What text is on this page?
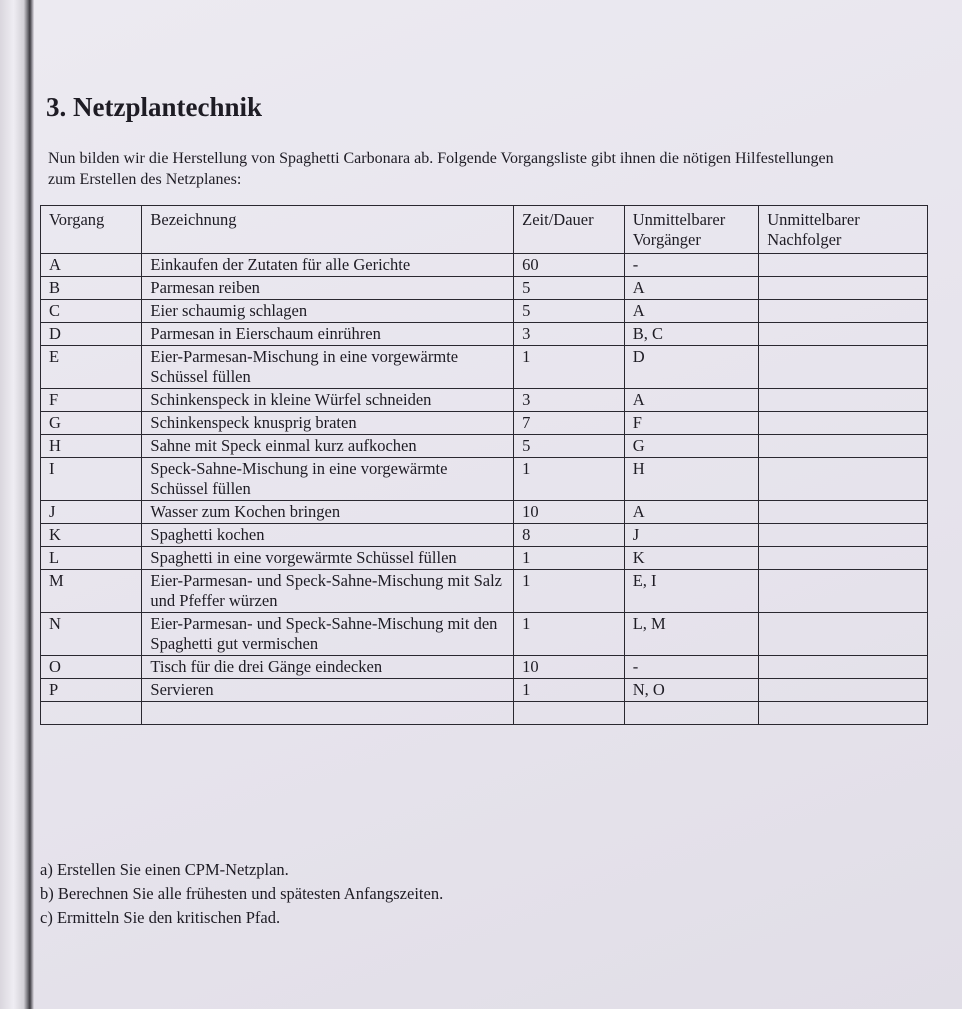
3. Netzplantechnik

Nun bilden wir die Herstellung von Spaghetti Carbonara ab. Folgende Vorgangsliste gibt ihnen die nötigen Hilfestellungen zum Erstellen des Netzplanes:

Vorgang	Bezeichnung	Zeit/Dauer	Unmittelbarer Vorgänger	Unmittelbarer Nachfolger
A	Einkaufen der Zutaten für alle Gerichte	60	-	
B	Parmesan reiben	5	A	
C	Eier schaumig schlagen	5	A	
D	Parmesan in Eierschaum einrühren	3	B, C	
E	Eier-Parmesan-Mischung in eine vorgewärmte Schüssel füllen	1	D	
F	Schinkenspeck in kleine Würfel schneiden	3	A	
G	Schinkenspeck knusprig braten	7	F	
H	Sahne mit Speck einmal kurz aufkochen	5	G	
I	Speck-Sahne-Mischung in eine vorgewärmte Schüssel füllen	1	H	
J	Wasser zum Kochen bringen	10	A	
K	Spaghetti kochen	8	J	
L	Spaghetti in eine vorgewärmte Schüssel füllen	1	K	
M	Eier-Parmesan- und Speck-Sahne-Mischung mit Salz und Pfeffer würzen	1	E, I	
N	Eier-Parmesan- und Speck-Sahne-Mischung mit den Spaghetti gut vermischen	1	L, M	
O	Tisch für die drei Gänge eindecken	10	-	
P	Servieren	1	N, O	

a) Erstellen Sie einen CPM-Netzplan.
b) Berechnen Sie alle frühesten und spätesten Anfangszeiten.
c) Ermitteln Sie den kritischen Pfad.
